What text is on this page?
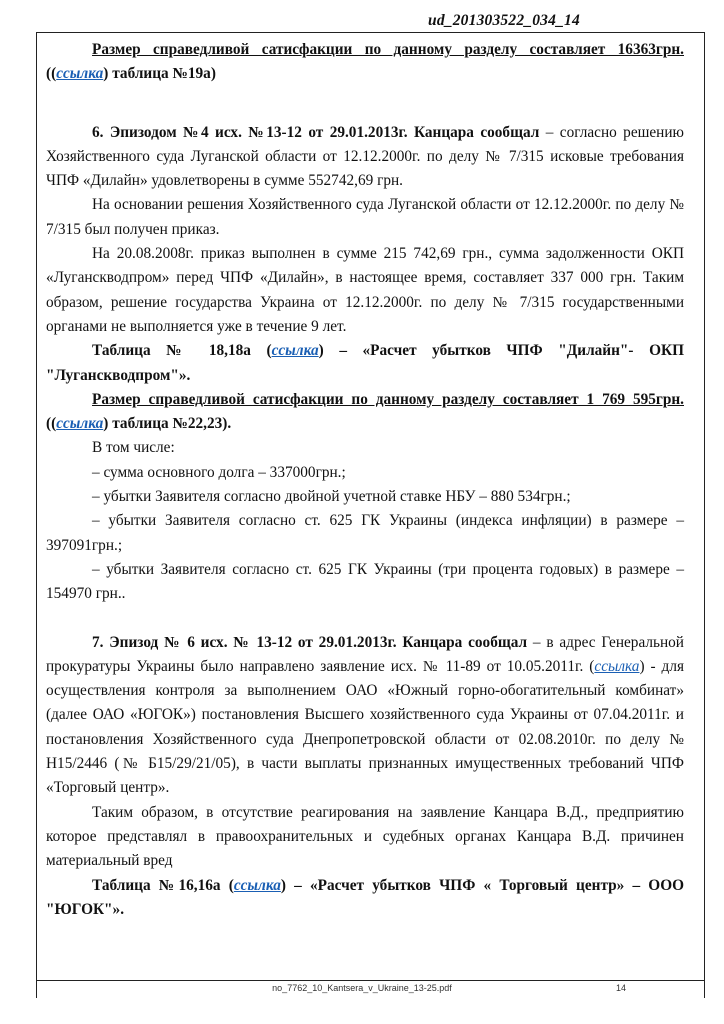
ud_201303522_034_14

Размер справедливой сатисфакции по данному разделу составляет 16363грн. ((ссылка) таблица №19а)

6. Эпизодом №4 исх. №13-12 от 29.01.2013г. Канцара сообщал – согласно решению Хозяйственного суда Луганской области от 12.12.2000г. по делу № 7/315 исковые требования ЧПФ «Дилайн» удовлетворены в сумме 552742,69 грн.

На основании решения Хозяйственного суда Луганской области от 12.12.2000г. по делу № 7/315 был получен приказ.

На 20.08.2008г. приказ выполнен в сумме 215 742,69 грн., сумма задолженности ОКП «Луганскводпром» перед ЧПФ «Дилайн», в настоящее время, составляет 337 000 грн. Таким образом, решение государства Украина от 12.12.2000г. по делу № 7/315 государственными органами не выполняется уже в течение 9 лет.

Таблица № 18,18а (ссылка) – «Расчет убытков ЧПФ "Дилайн"- ОКП "Луганскводпром"».

Размер справедливой сатисфакции по данному разделу составляет 1 769 595грн. ((ссылка) таблица №22,23).

В том числе:

– сумма основного долга – 337000грн.;

– убытки Заявителя согласно двойной учетной ставке НБУ – 880 534грн.;

– убытки Заявителя согласно ст. 625 ГК Украины (индекса инфляции) в размере – 397091грн.;

– убытки Заявителя согласно ст. 625 ГК Украины (три процента годовых) в размере – 154970 грн..

7. Эпизод № 6 исх. № 13-12 от 29.01.2013г. Канцара сообщал – в адрес Генеральной прокуратуры Украины было направлено заявление исх. № 11-89 от 10.05.2011г. (ссылка) - для осуществления контроля за выполнением ОАО «Южный горно-обогатительный комбинат» (далее ОАО «ЮГОК») постановления Высшего хозяйственного суда Украины от 07.04.2011г. и постановления Хозяйственного суда Днепропетровской области от 02.08.2010г. по делу № Н15/2446 (№ Б15/29/21/05), в части выплаты признанных имущественных требований ЧПФ «Торговый центр».

Таким образом, в отсутствие реагирования на заявление Канцара В.Д., предприятию которое представлял в правоохранительных и судебных органах Канцара В.Д. причинен материальный вред

Таблица №16,16а (ссылка) – «Расчет убытков ЧПФ « Торговый центр» – ООО "ЮГОК"».

no_7762_10_Kantsera_v_Ukraine_13-25.pdf	14
